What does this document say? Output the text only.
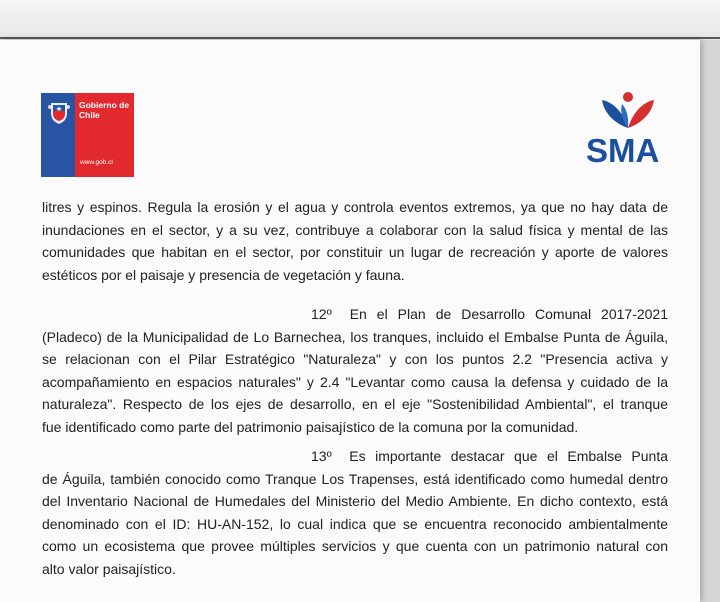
Gobierno de Chile
www.gob.cl	SMA
litres y espinos. Regula la erosión y el agua y controla eventos extremos, ya que no hay data de
inundaciones en el sector, y a su vez, contribuye a colaborar con la salud física y mental de las
comunidades que habitan en el sector, por constituir un lugar de recreación y aporte de valores
estéticos por el paisaje y presencia de vegetación y fauna.
12º En el Plan de Desarrollo Comunal 2017-2021
(Pladeco) de la Municipalidad de Lo Barnechea, los tranques, incluido el Embalse Punta de Águila,
se relacionan con el Pilar Estratégico "Naturaleza" y con los puntos 2.2 "Presencia activa y
acompañamiento en espacios naturales" y 2.4 "Levantar como causa la defensa y cuidado de la
naturaleza". Respecto de los ejes de desarrollo, en el eje "Sostenibilidad Ambiental", el tranque
fue identificado como parte del patrimonio paisajístico de la comuna por la comunidad.
13º Es importante destacar que el Embalse Punta
de Águila, también conocido como Tranque Los Trapenses, está identificado como humedal dentro
del Inventario Nacional de Humedales del Ministerio del Medio Ambiente. En dicho contexto, está
denominado con el ID: HU-AN-152, lo cual indica que se encuentra reconocido ambientalmente
como un ecosistema que provee múltiples servicios y que cuenta con un patrimonio natural con
alto valor paisajístico.
